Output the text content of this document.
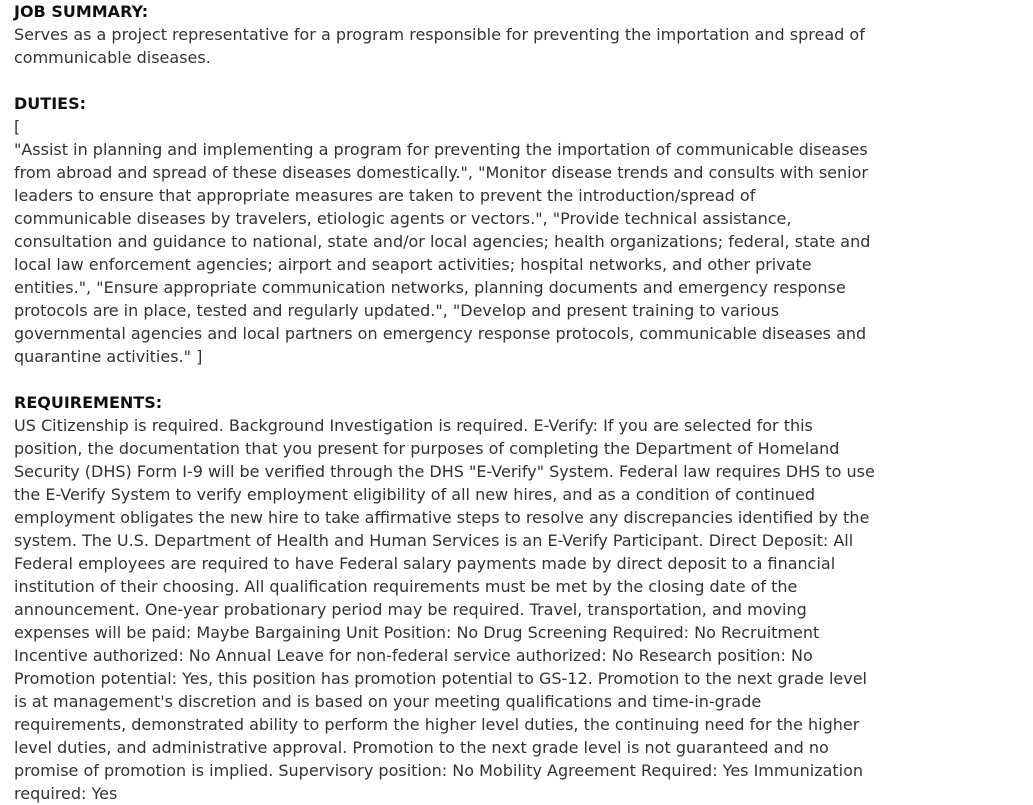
JOB SUMMARY:
Serves as a project representative for a program responsible for preventing the importation and spread of communicable diseases.
DUTIES:
[
"Assist in planning and implementing a program for preventing the importation of communicable diseases from abroad and spread of these diseases domestically.", "Monitor disease trends and consults with senior leaders to ensure that appropriate measures are taken to prevent the introduction/spread of communicable diseases by travelers, etiologic agents or vectors.", "Provide technical assistance, consultation and guidance to national, state and/or local agencies; health organizations; federal, state and local law enforcement agencies; airport and seaport activities; hospital networks, and other private entities.", "Ensure appropriate communication networks, planning documents and emergency response protocols are in place, tested and regularly updated.", "Develop and present training to various governmental agencies and local partners on emergency response protocols, communicable diseases and quarantine activities." ]
REQUIREMENTS:
US Citizenship is required. Background Investigation is required. E-Verify: If you are selected for this position, the documentation that you present for purposes of completing the Department of Homeland Security (DHS) Form I-9 will be verified through the DHS "E-Verify" System. Federal law requires DHS to use the E-Verify System to verify employment eligibility of all new hires, and as a condition of continued employment obligates the new hire to take affirmative steps to resolve any discrepancies identified by the system. The U.S. Department of Health and Human Services is an E-Verify Participant. Direct Deposit: All Federal employees are required to have Federal salary payments made by direct deposit to a financial institution of their choosing. All qualification requirements must be met by the closing date of the announcement. One-year probationary period may be required. Travel, transportation, and moving expenses will be paid: Maybe Bargaining Unit Position: No Drug Screening Required: No Recruitment Incentive authorized: No Annual Leave for non-federal service authorized: No Research position: No Promotion potential: Yes, this position has promotion potential to GS-12. Promotion to the next grade level is at management's discretion and is based on your meeting qualifications and time-in-grade requirements, demonstrated ability to perform the higher level duties, the continuing need for the higher level duties, and administrative approval. Promotion to the next grade level is not guaranteed and no promise of promotion is implied. Supervisory position: No Mobility Agreement Required: Yes Immunization required: Yes
